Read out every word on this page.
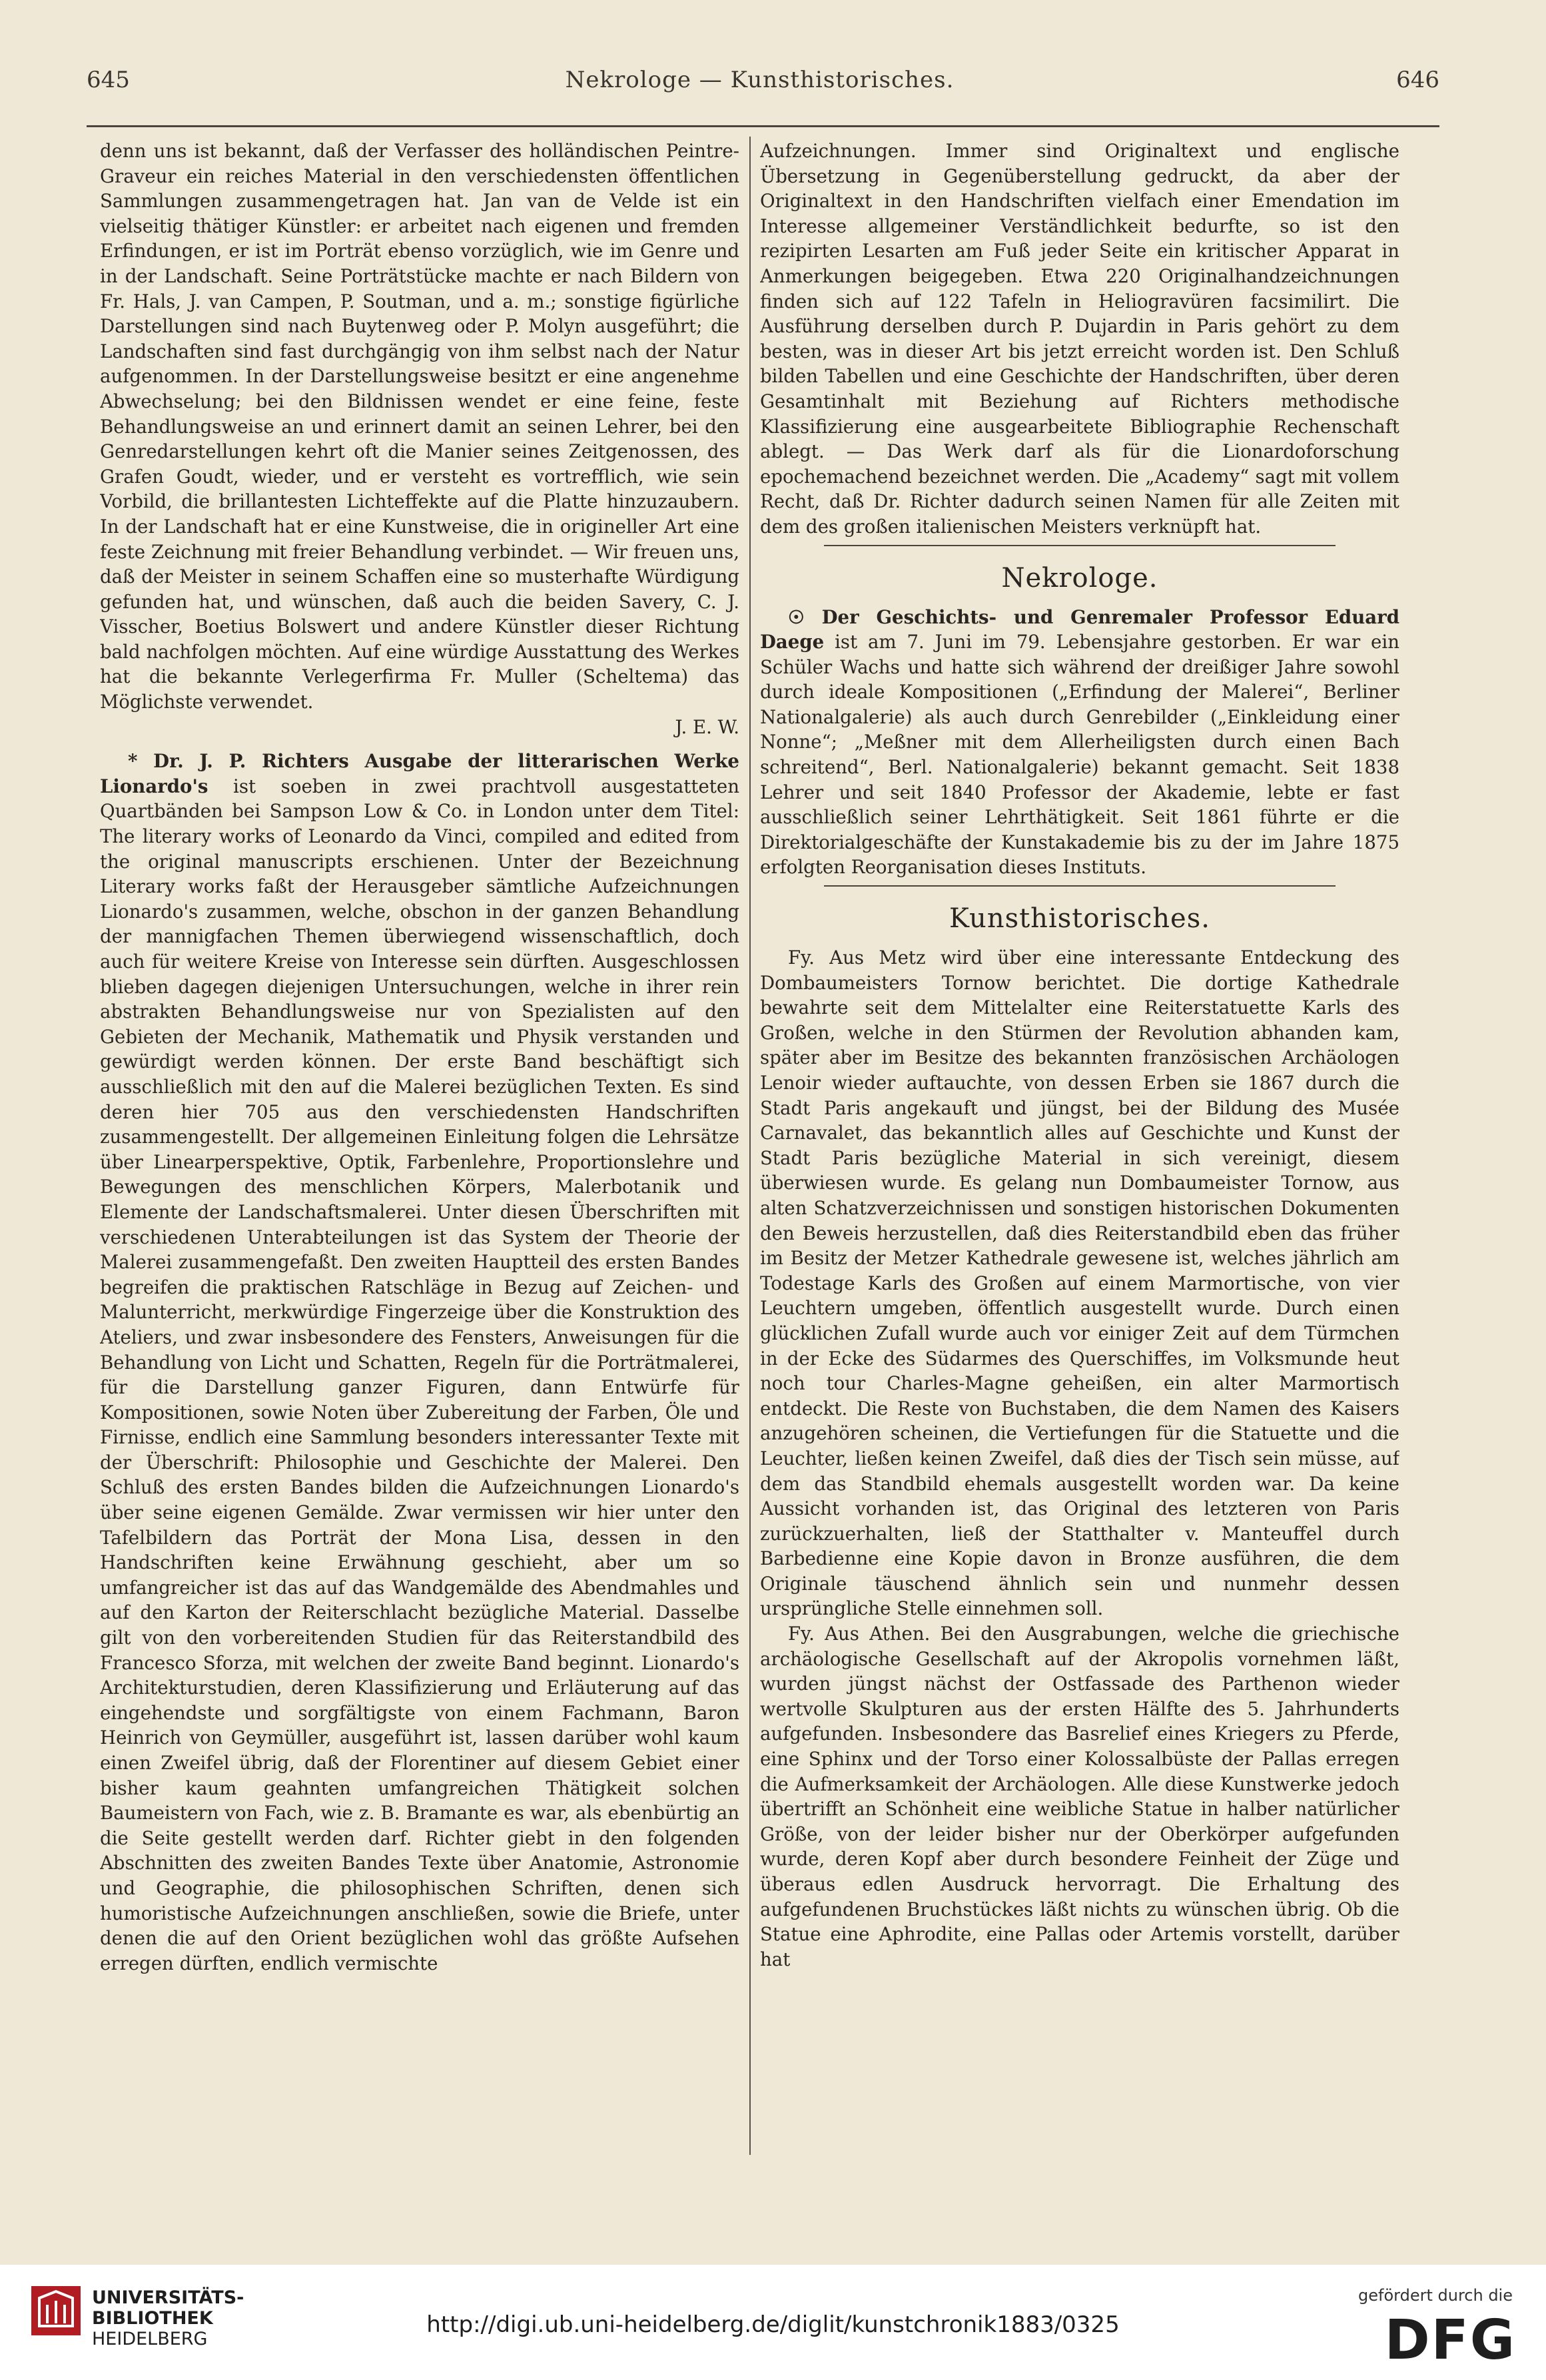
645	Nekrologe — Kunsthistorisches.	646

denn uns ist bekannt, daß der Verfasser des holländischen Peintre-Graveur ein reiches Material in den verschiedensten öffentlichen Sammlungen zusammengetragen hat. Jan van de Velde ist ein vielseitig thätiger Künstler: er arbeitet nach eigenen und fremden Erfindungen, er ist im Porträt ebenso vorzüglich, wie im Genre und in der Landschaft. Seine Porträtstücke machte er nach Bildern von Fr. Hals, J. van Campen, P. Soutman, und a. m.; sonstige figürliche Darstellungen sind nach Buytenweg oder P. Molyn ausgeführt; die Landschaften sind fast durchgängig von ihm selbst nach der Natur aufgenommen. In der Darstellungsweise besitzt er eine angenehme Abwechselung; bei den Bildnissen wendet er eine feine, feste Behandlungsweise an und erinnert damit an seinen Lehrer, bei den Genredarstellungen kehrt oft die Manier seines Zeitgenossen, des Grafen Goudt, wieder, und er versteht es vortrefflich, wie sein Vorbild, die brillantesten Lichteffekte auf die Platte hinzuzaubern. In der Landschaft hat er eine Kunstweise, die in origineller Art eine feste Zeichnung mit freier Behandlung verbindet. — Wir freuen uns, daß der Meister in seinem Schaffen eine so musterhafte Würdigung gefunden hat, und wünschen, daß auch die beiden Savery, C. J. Visscher, Boetius Bolswert und andere Künstler dieser Richtung bald nachfolgen möchten. Auf eine würdige Ausstattung des Werkes hat die bekannte Verlegerfirma Fr. Muller (Scheltema) das Möglichste verwendet.

J. E. W.

* Dr. J. P. Richters Ausgabe der litterarischen Werke Lionardo's ist soeben in zwei prachtvoll ausgestatteten Quartbänden bei Sampson Low & Co. in London unter dem Titel: The literary works of Leonardo da Vinci, compiled and edited from the original manuscripts erschienen. Unter der Bezeichnung Literary works faßt der Herausgeber sämtliche Aufzeichnungen Lionardo's zusammen, welche, obschon in der ganzen Behandlung der mannigfachen Themen überwiegend wissenschaftlich, doch auch für weitere Kreise von Interesse sein dürften. Ausgeschlossen blieben dagegen diejenigen Untersuchungen, welche in ihrer rein abstrakten Behandlungsweise nur von Spezialisten auf den Gebieten der Mechanik, Mathematik und Physik verstanden und gewürdigt werden können. Der erste Band beschäftigt sich ausschließlich mit den auf die Malerei bezüglichen Texten. Es sind deren hier 705 aus den verschiedensten Handschriften zusammengestellt. Der allgemeinen Einleitung folgen die Lehrsätze über Linearperspektive, Optik, Farbenlehre, Proportionslehre und Bewegungen des menschlichen Körpers, Malerbotanik und Elemente der Landschaftsmalerei. Unter diesen Überschriften mit verschiedenen Unterabteilungen ist das System der Theorie der Malerei zusammengefaßt. Den zweiten Hauptteil des ersten Bandes begreifen die praktischen Ratschläge in Bezug auf Zeichen- und Malunterricht, merkwürdige Fingerzeige über die Konstruktion des Ateliers, und zwar insbesondere des Fensters, Anweisungen für die Behandlung von Licht und Schatten, Regeln für die Porträtmalerei, für die Darstellung ganzer Figuren, dann Entwürfe für Kompositionen, sowie Noten über Zubereitung der Farben, Öle und Firnisse, endlich eine Sammlung besonders interessanter Texte mit der Überschrift: Philosophie und Geschichte der Malerei. Den Schluß des ersten Bandes bilden die Aufzeichnungen Lionardo's über seine eigenen Gemälde. Zwar vermissen wir hier unter den Tafelbildern das Porträt der Mona Lisa, dessen in den Handschriften keine Erwähnung geschieht, aber um so umfangreicher ist das auf das Wandgemälde des Abendmahles und auf den Karton der Reiterschlacht bezügliche Material. Dasselbe gilt von den vorbereitenden Studien für das Reiterstandbild des Francesco Sforza, mit welchen der zweite Band beginnt. Lionardo's Architekturstudien, deren Klassifizierung und Erläuterung auf das eingehendste und sorgfältigste von einem Fachmann, Baron Heinrich von Geymüller, ausgeführt ist, lassen darüber wohl kaum einen Zweifel übrig, daß der Florentiner auf diesem Gebiet einer bisher kaum geahnten umfangreichen Thätigkeit solchen Baumeistern von Fach, wie z. B. Bramante es war, als ebenbürtig an die Seite gestellt werden darf. Richter giebt in den folgenden Abschnitten des zweiten Bandes Texte über Anatomie, Astronomie und Geographie, die philosophischen Schriften, denen sich humoristische Aufzeichnungen anschließen, sowie die Briefe, unter denen die auf den Orient bezüglichen wohl das größte Aufsehen erregen dürften, endlich vermischte

Aufzeichnungen. Immer sind Originaltext und englische Übersetzung in Gegenüberstellung gedruckt, da aber der Originaltext in den Handschriften vielfach einer Emendation im Interesse allgemeiner Verständlichkeit bedurfte, so ist den rezipirten Lesarten am Fuß jeder Seite ein kritischer Apparat in Anmerkungen beigegeben. Etwa 220 Originalhandzeichnungen finden sich auf 122 Tafeln in Heliogravüren facsimilirt. Die Ausführung derselben durch P. Dujardin in Paris gehört zu dem besten, was in dieser Art bis jetzt erreicht worden ist. Den Schluß bilden Tabellen und eine Geschichte der Handschriften, über deren Gesamtinhalt mit Beziehung auf Richters methodische Klassifizierung eine ausgearbeitete Bibliographie Rechenschaft ablegt. — Das Werk darf als für die Lionardoforschung epochemachend bezeichnet werden. Die „Academy“ sagt mit vollem Recht, daß Dr. Richter dadurch seinen Namen für alle Zeiten mit dem des großen italienischen Meisters verknüpft hat.

Nekrologe.

☉ Der Geschichts- und Genremaler Professor Eduard Daege ist am 7. Juni im 79. Lebensjahre gestorben. Er war ein Schüler Wachs und hatte sich während der dreißiger Jahre sowohl durch ideale Kompositionen („Erfindung der Malerei“, Berliner Nationalgalerie) als auch durch Genrebilder („Einkleidung einer Nonne“; „Meßner mit dem Allerheiligsten durch einen Bach schreitend“, Berl. Nationalgalerie) bekannt gemacht. Seit 1838 Lehrer und seit 1840 Professor der Akademie, lebte er fast ausschließlich seiner Lehrthätigkeit. Seit 1861 führte er die Direktorialgeschäfte der Kunstakademie bis zu der im Jahre 1875 erfolgten Reorganisation dieses Instituts.

Kunsthistorisches.

Fy. Aus Metz wird über eine interessante Entdeckung des Dombaumeisters Tornow berichtet. Die dortige Kathedrale bewahrte seit dem Mittelalter eine Reiterstatuette Karls des Großen, welche in den Stürmen der Revolution abhanden kam, später aber im Besitze des bekannten französischen Archäologen Lenoir wieder auftauchte, von dessen Erben sie 1867 durch die Stadt Paris angekauft und jüngst, bei der Bildung des Musée Carnavalet, das bekanntlich alles auf Geschichte und Kunst der Stadt Paris bezügliche Material in sich vereinigt, diesem überwiesen wurde. Es gelang nun Dombaumeister Tornow, aus alten Schatzverzeichnissen und sonstigen historischen Dokumenten den Beweis herzustellen, daß dies Reiterstandbild eben das früher im Besitz der Metzer Kathedrale gewesene ist, welches jährlich am Todestage Karls des Großen auf einem Marmortische, von vier Leuchtern umgeben, öffentlich ausgestellt wurde. Durch einen glücklichen Zufall wurde auch vor einiger Zeit auf dem Türmchen in der Ecke des Südarmes des Querschiffes, im Volksmunde heut noch tour Charles-Magne geheißen, ein alter Marmortisch entdeckt. Die Reste von Buchstaben, die dem Namen des Kaisers anzugehören scheinen, die Vertiefungen für die Statuette und die Leuchter, ließen keinen Zweifel, daß dies der Tisch sein müsse, auf dem das Standbild ehemals ausgestellt worden war. Da keine Aussicht vorhanden ist, das Original des letzteren von Paris zurückzuerhalten, ließ der Statthalter v. Manteuffel durch Barbedienne eine Kopie davon in Bronze ausführen, die dem Originale täuschend ähnlich sein und nunmehr dessen ursprüngliche Stelle einnehmen soll.

Fy. Aus Athen. Bei den Ausgrabungen, welche die griechische archäologische Gesellschaft auf der Akropolis vornehmen läßt, wurden jüngst nächst der Ostfassade des Parthenon wieder wertvolle Skulpturen aus der ersten Hälfte des 5. Jahrhunderts aufgefunden. Insbesondere das Basrelief eines Kriegers zu Pferde, eine Sphinx und der Torso einer Kolossalbüste der Pallas erregen die Aufmerksamkeit der Archäologen. Alle diese Kunstwerke jedoch übertrifft an Schönheit eine weibliche Statue in halber natürlicher Größe, von der leider bisher nur der Oberkörper aufgefunden wurde, deren Kopf aber durch besondere Feinheit der Züge und überaus edlen Ausdruck hervorragt. Die Erhaltung des aufgefundenen Bruchstückes läßt nichts zu wünschen übrig. Ob die Statue eine Aphrodite, eine Pallas oder Artemis vorstellt, darüber hat

UNIVERSITÄTS-
BIBLIOTHEK
HEIDELBERG
http://digi.ub.uni-heidelberg.de/diglit/kunstchronik1883/0325
gefördert durch die
DFG
